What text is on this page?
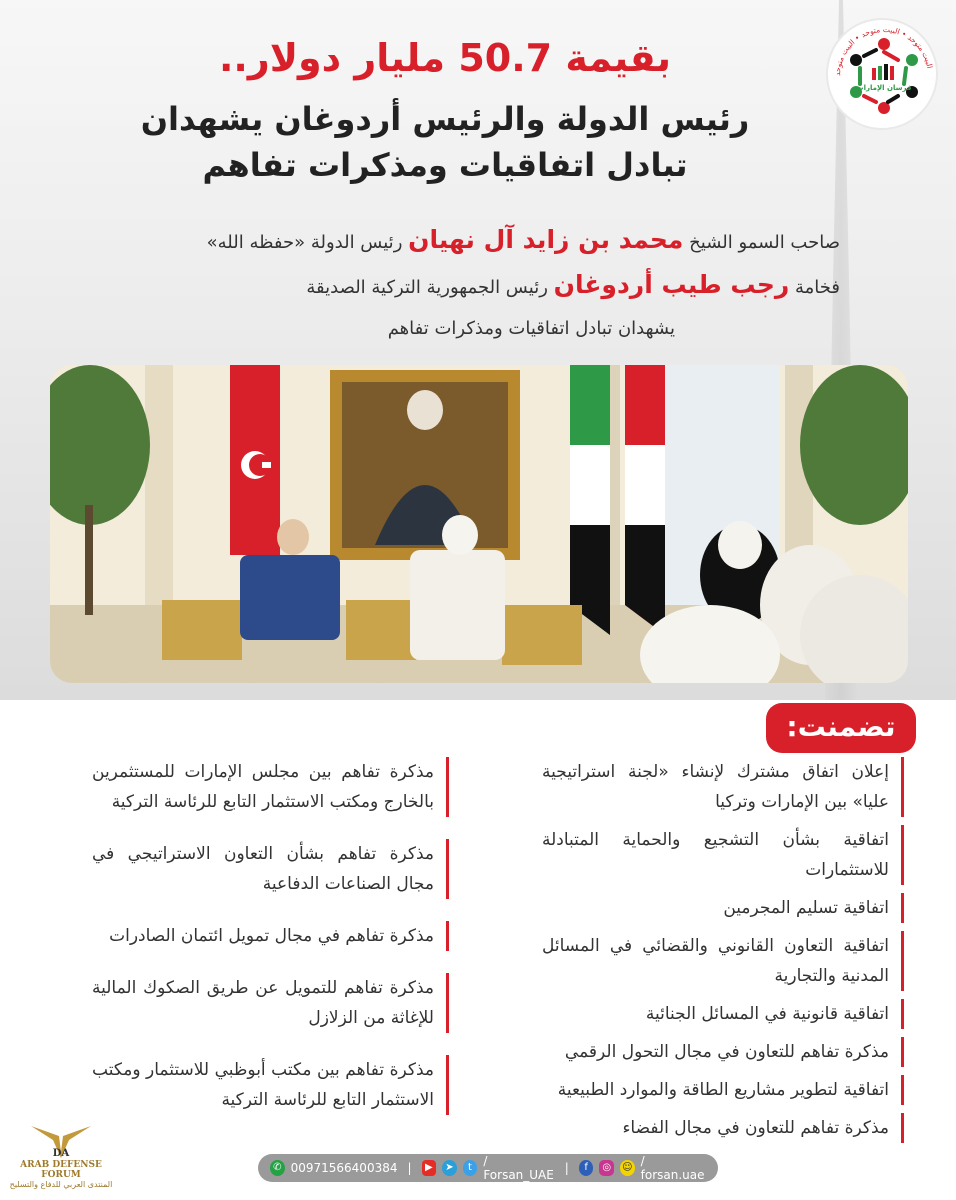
البيت متوحد • البيت متوحد • البيت متوحد
فرسان الإمارات
بقيمة 50.7 مليار دولار..
رئيس الدولة والرئيس أردوغان يشهدان
تبادل اتفاقيات ومذكرات تفاهم
صاحب السمو الشيخ محمد بن زايد آل نهيان رئيس الدولة «حفظه الله»
فخامة رجب طيب أردوغان رئيس الجمهورية التركية الصديقة
يشهدان تبادل اتفاقيات ومذكرات تفاهم
تضمنت:
إعلان اتفاق مشترك لإنشاء «لجنة استراتيجية عليا» بين الإمارات وتركيا
اتفاقية بشأن التشجيع والحماية المتبادلة للاستثمارات
اتفاقية تسليم المجرمين
اتفاقية التعاون القانوني والقضائي في المسائل المدنية والتجارية
اتفاقية قانونية في المسائل الجنائية
مذكرة تفاهم للتعاون في مجال التحول الرقمي
اتفاقية لتطوير مشاريع الطاقة والموارد الطبيعية
مذكرة تفاهم للتعاون في مجال الفضاء
مذكرة تفاهم بين مجلس الإمارات للمستثمرين بالخارج ومكتب الاستثمار التابع للرئاسة التركية
مذكرة تفاهم بشأن التعاون الاستراتيجي في مجال الصناعات الدفاعية
مذكرة تفاهم في مجال تمويل ائتمان الصادرات
مذكرة تفاهم للتمويل عن طريق الصكوك المالية للإغاثة من الزلازل
مذكرة تفاهم بين مكتب أبوظبي للاستثمار ومكتب الاستثمار التابع للرئاسة التركية
✆ 00971566400384 |	▶	➤	t / Forsan_UAE |	f	◎ ☺ / forsan.uae
DA
ARAB DEFENSE FORUM
المنتدى العربي للدفاع والتسليح
